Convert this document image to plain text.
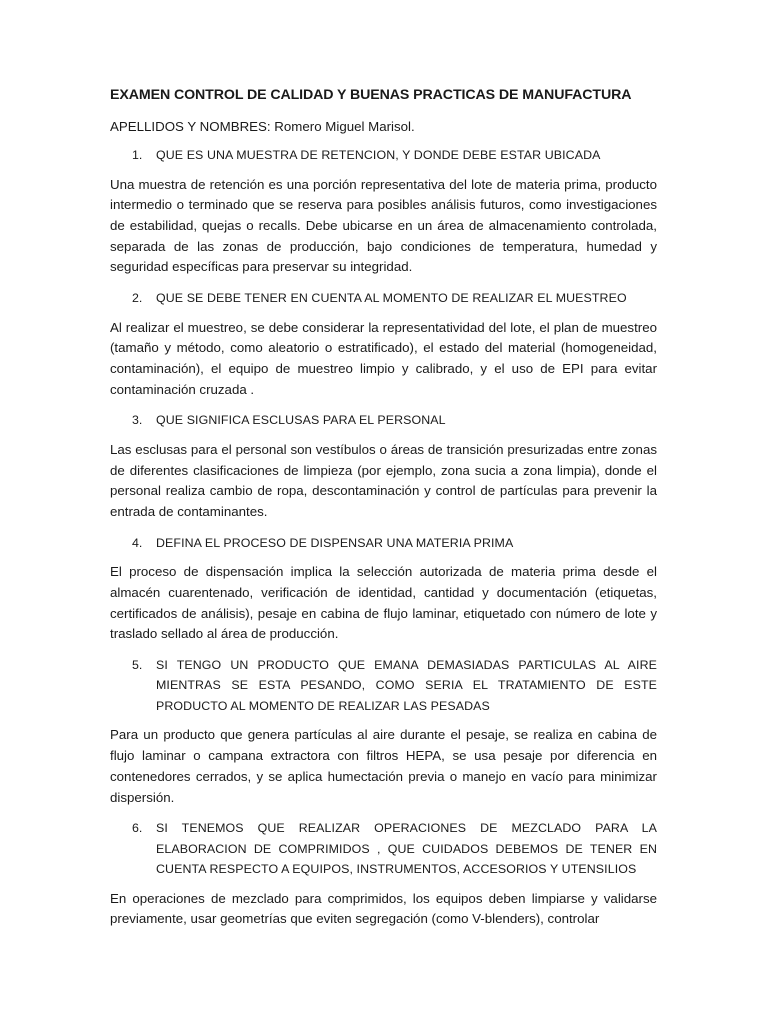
EXAMEN CONTROL DE CALIDAD Y BUENAS PRACTICAS DE MANUFACTURA
APELLIDOS Y NOMBRES: Romero Miguel Marisol.
1.	QUE ES UNA MUESTRA DE RETENCION, Y DONDE DEBE ESTAR UBICADA
Una muestra de retención es una porción representativa del lote de materia prima, producto intermedio o terminado que se reserva para posibles análisis futuros, como investigaciones de estabilidad, quejas o recalls. Debe ubicarse en un área de almacenamiento controlada, separada de las zonas de producción, bajo condiciones de temperatura, humedad y seguridad específicas para preservar su integridad.
2.	QUE SE DEBE TENER EN CUENTA AL MOMENTO DE REALIZAR EL MUESTREO
Al realizar el muestreo, se debe considerar la representatividad del lote, el plan de muestreo (tamaño y método, como aleatorio o estratificado), el estado del material (homogeneidad, contaminación), el equipo de muestreo limpio y calibrado, y el uso de EPI para evitar contaminación cruzada .
3.	QUE SIGNIFICA ESCLUSAS PARA EL PERSONAL
Las esclusas para el personal son vestíbulos o áreas de transición presurizadas entre zonas de diferentes clasificaciones de limpieza (por ejemplo, zona sucia a zona limpia), donde el personal realiza cambio de ropa, descontaminación y control de partículas para prevenir la entrada de contaminantes.
4.	DEFINA EL PROCESO DE DISPENSAR UNA MATERIA PRIMA
El proceso de dispensación implica la selección autorizada de materia prima desde el almacén cuarentenado, verificación de identidad, cantidad y documentación (etiquetas, certificados de análisis), pesaje en cabina de flujo laminar, etiquetado con número de lote y traslado sellado al área de producción.
5.	SI TENGO UN PRODUCTO QUE EMANA DEMASIADAS PARTICULAS AL AIRE MIENTRAS SE ESTA PESANDO, COMO SERIA EL TRATAMIENTO DE ESTE PRODUCTO AL MOMENTO DE REALIZAR LAS PESADAS
Para un producto que genera partículas al aire durante el pesaje, se realiza en cabina de flujo laminar o campana extractora con filtros HEPA, se usa pesaje por diferencia en contenedores cerrados, y se aplica humectación previa o manejo en vacío para minimizar dispersión.
6.	SI TENEMOS QUE REALIZAR OPERACIONES DE MEZCLADO PARA LA ELABORACION DE COMPRIMIDOS , QUE CUIDADOS DEBEMOS DE TENER EN CUENTA RESPECTO A EQUIPOS, INSTRUMENTOS, ACCESORIOS Y UTENSILIOS
En operaciones de mezclado para comprimidos, los equipos deben limpiarse y validarse previamente, usar geometrías que eviten segregación (como V-blenders), controlar
